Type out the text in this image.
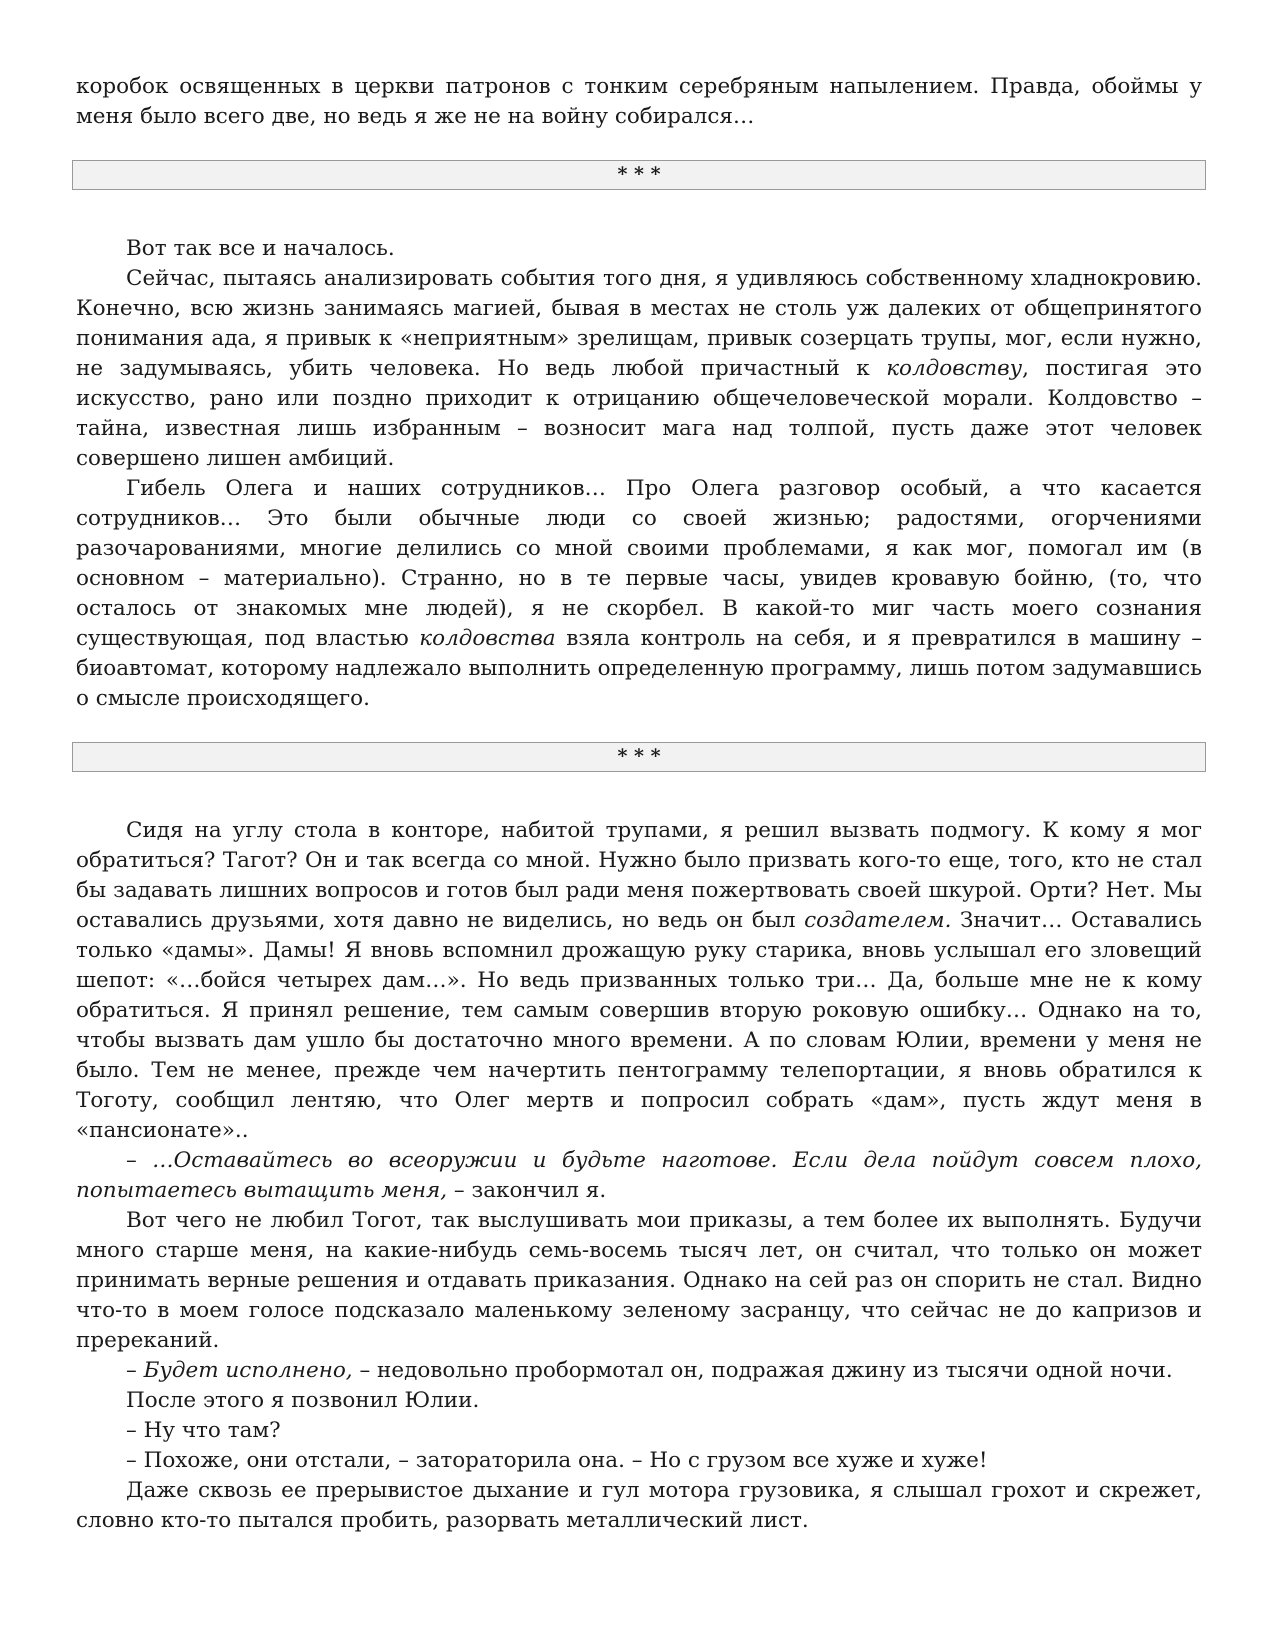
коробок освященных в церкви патронов с тонким серебряным напылением. Правда, обоймы у меня было всего две, но ведь я же не на войну собирался…

* * *

Вот так все и началось.

Сейчас, пытаясь анализировать события того дня, я удивляюсь собственному хладнокровию. Конечно, всю жизнь занимаясь магией, бывая в местах не столь уж далеких от общепринятого понимания ада, я привык к «неприятным» зрелищам, привык созерцать трупы, мог, если нужно, не задумываясь, убить человека. Но ведь любой причастный к колдовству, постигая это искусство, рано или поздно приходит к отрицанию общечеловеческой морали. Колдовство – тайна, известная лишь избранным – возносит мага над толпой, пусть даже этот человек совершено лишен амбиций.

Гибель Олега и наших сотрудников… Про Олега разговор особый, а что касается сотрудников… Это были обычные люди со своей жизнью; радостями, огорчениями разочарованиями, многие делились со мной своими проблемами, я как мог, помогал им (в основном – материально). Странно, но в те первые часы, увидев кровавую бойню, (то, что осталось от знакомых мне людей), я не скорбел. В какой-то миг часть моего сознания существующая, под властью колдовства взяла контроль на себя, и я превратился в машину – биоавтомат, которому надлежало выполнить определенную программу, лишь потом задумавшись о смысле происходящего.

* * *

Сидя на углу стола в конторе, набитой трупами, я решил вызвать подмогу. К кому я мог обратиться? Тагот? Он и так всегда со мной. Нужно было призвать кого-то еще, того, кто не стал бы задавать лишних вопросов и готов был ради меня пожертвовать своей шкурой. Орти? Нет. Мы оставались друзьями, хотя давно не виделись, но ведь он был создателем. Значит… Оставались только «дамы». Дамы! Я вновь вспомнил дрожащую руку старика, вновь услышал его зловещий шепот: «…бойся четырех дам…». Но ведь призванных только три… Да, больше мне не к кому обратиться. Я принял решение, тем самым совершив вторую роковую ошибку… Однако на то, чтобы вызвать дам ушло бы достаточно много времени. А по словам Юлии, времени у меня не было. Тем не менее, прежде чем начертить пентограмму телепортации, я вновь обратился к Тоготу, сообщил лентяю, что Олег мертв и попросил собрать «дам», пусть ждут меня в «пансионате»..

– …Оставайтесь во всеоружии и будьте наготове. Если дела пойдут совсем плохо, попытаетесь вытащить меня, – закончил я.

Вот чего не любил Тогот, так выслушивать мои приказы, а тем более их выполнять. Будучи много старше меня, на какие-нибудь семь-восемь тысяч лет, он считал, что только он может принимать верные решения и отдавать приказания. Однако на сей раз он спорить не стал. Видно что-то в моем голосе подсказало маленькому зеленому засранцу, что сейчас не до капризов и пререканий.

– Будет исполнено, – недовольно пробормотал он, подражая джину из тысячи одной ночи.

После этого я позвонил Юлии.

– Ну что там?

– Похоже, они отстали, – затораторила она. – Но с грузом все хуже и хуже!

Даже сквозь ее прерывистое дыхание и гул мотора грузовика, я слышал грохот и скрежет, словно кто-то пытался пробить, разорвать металлический лист.
